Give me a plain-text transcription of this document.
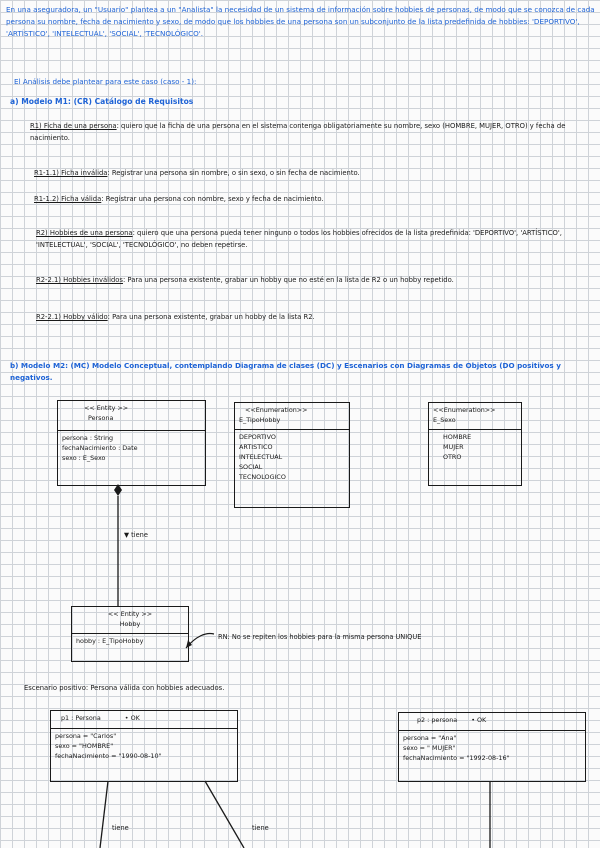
En una aseguradora, un "Usuario" plantea a un "Analista" la necesidad de un sistema de información sobre hobbies de personas, de modo que se conozca de cada persona su nombre, fecha de nacimiento y sexo, de modo que los hobbies de una persona son un subconjunto de la lista predefinida de hobbies: 'DEPORTIVO', 'ARTÍSTICO', 'INTELECTUAL', 'SOCIAL', 'TECNOLÓGICO'.
El Análisis debe plantear para este caso (caso - 1):
a) Modelo M1: (CR) Catálogo de Requisitos
R1) Ficha de una persona: quiero que la ficha de una persona en el sistema contenga obligatoriamente su nombre, sexo (HOMBRE, MUJER, OTRO) y fecha de nacimiento.
R1-1.1) Ficha inválida: Registrar una persona sin nombre, o sin sexo, o sin fecha de nacimiento.
R1-1.2) Ficha válida: Registrar una persona con nombre, sexo y fecha de nacimiento.
R2) Hobbies de una persona: quiero que una persona pueda tener ninguno o todos los hobbies ofrecidos de la lista predefinida: 'DEPORTIVO', 'ARTÍSTICO', 'INTELECTUAL', 'SOCIAL', 'TECNOLÓGICO', no deben repetirse.
R2-2.1) Hobbies inválidos: Para una persona existente, grabar un hobby que no esté en la lista de R2 o un hobby repetido.
R2-2.1) Hobby válido: Para una persona existente, grabar un hobby de la lista R2.
b) Modelo M2: (MC) Modelo Conceptual, contemplando Diagrama de clases (DC) y Escenarios con Diagramas de Objetos (DO positivos y negativos.
<< Entity >>
Persona
persona : String
fechaNacimiento : Date
sexo : E_Sexo
<<Enumeration>>
E_TipoHobby
DEPORTIVO
ARTISTICO
INTELECTUAL
SOCIAL
TECNOLOGICO
<<Enumeration>>
E_Sexo
HOMBRE
MUJER
OTRO
▼ tiene
<< Entity >>
Hobby
hobby : E_TipoHobby	RN: No se repiten los hobbies para la misma persona UNIQUE
Escenario positivo: Persona válida con hobbies adecuados.
p1 : Persona	• OK
persona = "Carlos"
sexo = "HOMBRE"
fechaNacimiento = "1990-08-10"
p2 : persona • OK
persona = "Ana"
sexo = " MUJER"
fechaNacimiento = "1992-08-16"
tiene	tiene
